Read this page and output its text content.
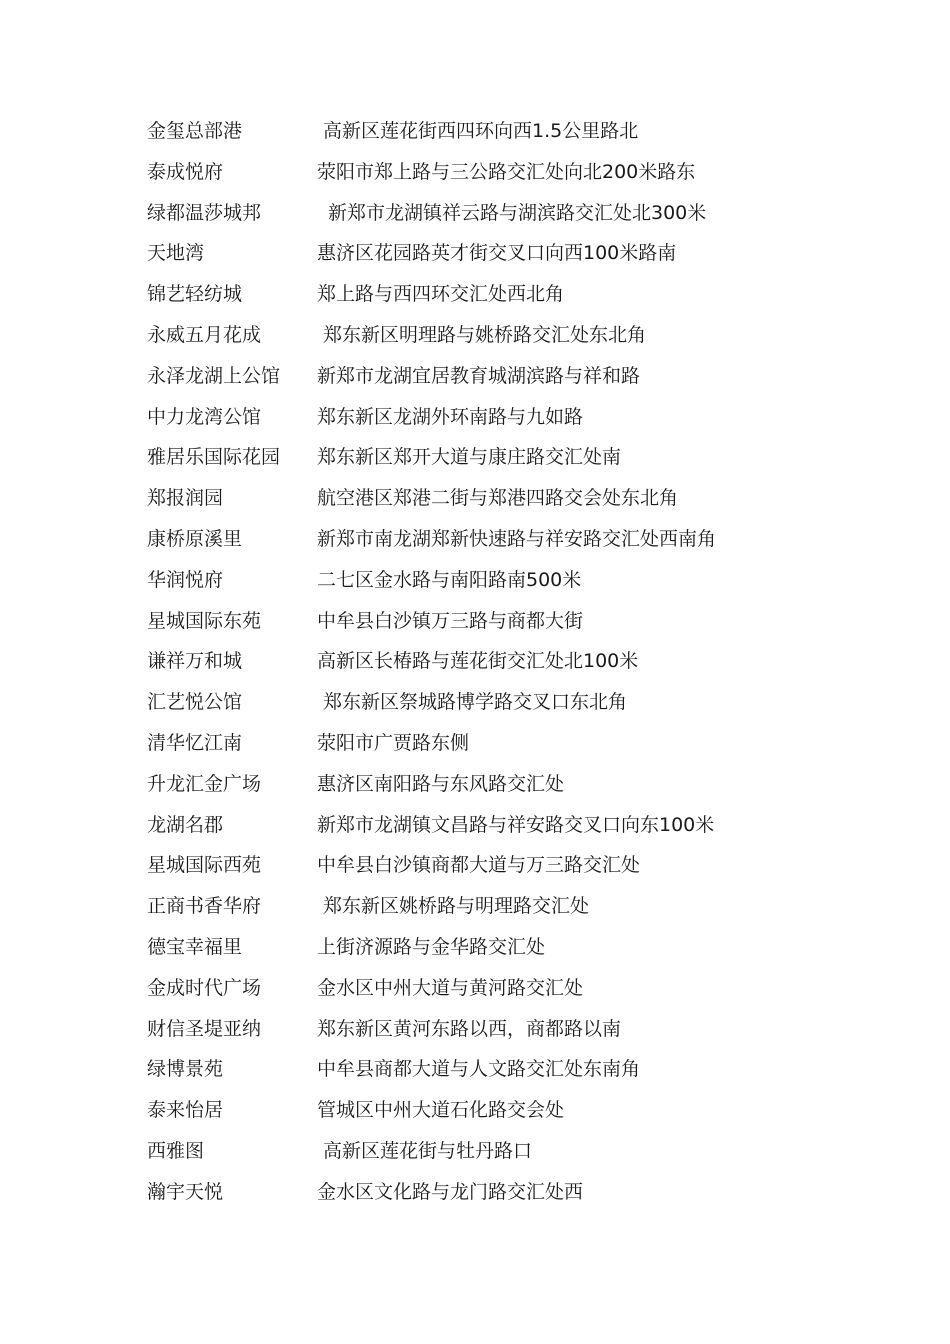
金玺总部港	高新区莲花街西四环向西1.5公里路北
泰成悦府	荥阳市郑上路与三公路交汇处向北200米路东
绿都温莎城邦	新郑市龙湖镇祥云路与湖滨路交汇处北300米
天地湾	惠济区花园路英才街交叉口向西100米路南
锦艺轻纺城	郑上路与西四环交汇处西北角
永威五月花成	郑东新区明理路与姚桥路交汇处东北角
永泽龙湖上公馆 新郑市龙湖宜居教育城湖滨路与祥和路
中力龙湾公馆	郑东新区龙湖外环南路与九如路
雅居乐国际花园 郑东新区郑开大道与康庄路交汇处南
郑报润园	航空港区郑港二街与郑港四路交会处东北角
康桥原溪里	新郑市南龙湖郑新快速路与祥安路交汇处西南角
华润悦府	二七区金水路与南阳路南500米
星城国际东苑	中牟县白沙镇万三路与商都大街
谦祥万和城	高新区长椿路与莲花街交汇处北100米
汇艺悦公馆	郑东新区祭城路博学路交叉口东北角
清华忆江南	荥阳市广贾路东侧
升龙汇金广场	惠济区南阳路与东风路交汇处
龙湖名郡	新郑市龙湖镇文昌路与祥安路交叉口向东100米
星城国际西苑	中牟县白沙镇商都大道与万三路交汇处
正商书香华府	郑东新区姚桥路与明理路交汇处
德宝幸福里	上街济源路与金华路交汇处
金成时代广场	金水区中州大道与黄河路交汇处
财信圣堤亚纳	郑东新区黄河东路以西，商都路以南
绿博景苑	中牟县商都大道与人文路交汇处东南角
泰来怡居	管城区中州大道石化路交会处
西雅图	高新区莲花街与牡丹路口
瀚宇天悦	金水区文化路与龙门路交汇处西
